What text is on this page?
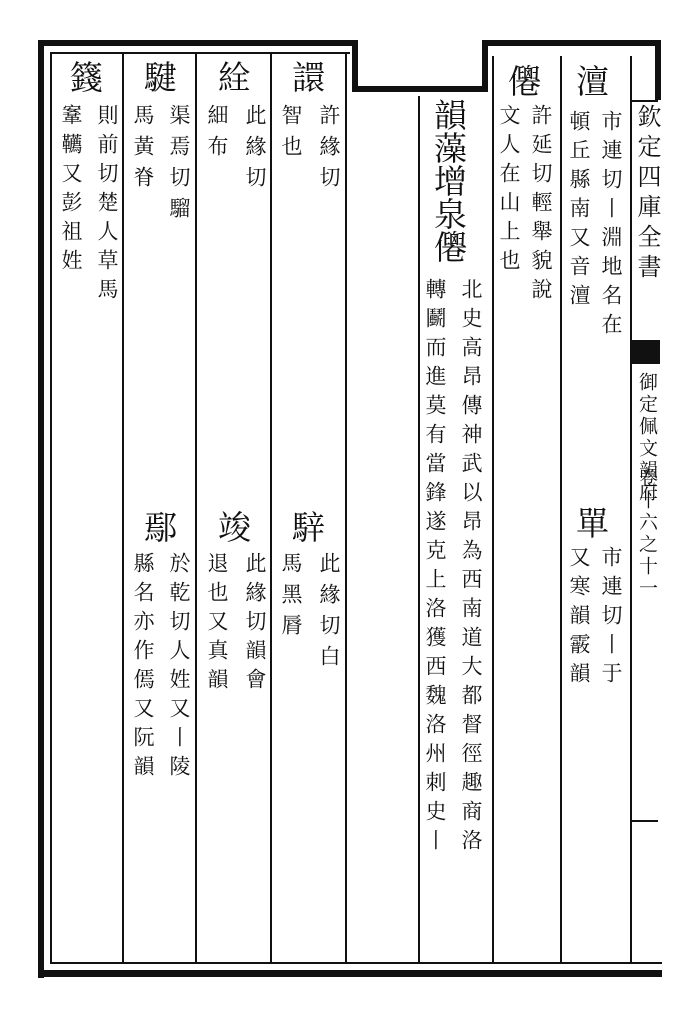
欽定四庫全書
御定佩文韻府
卷十六之十一
澶
市連切丨淵地名在
頓丘縣南又音澶
單
市連切丨于
又寒韻霰韻
㒨
許延切輕舉貌說
文人在山上也
韻藻增泉㒨
北史高昂傳神武以昂為西南道大都督徑趣商洛
轉鬬而進莫有當鋒遂克上洛獲西魏洛州刺史丨
譞
許緣切
智也
騂
此緣切白
馬黑脣
絟
此緣切
細布
竣
此緣切韻會
退也又真韻
騝
渠焉切騮
馬黃脊
鄢
於乾切人姓又丨陵
縣名亦作傿又阮韻
籛
則前切楚人草馬
鞌韉又彭祖姓
